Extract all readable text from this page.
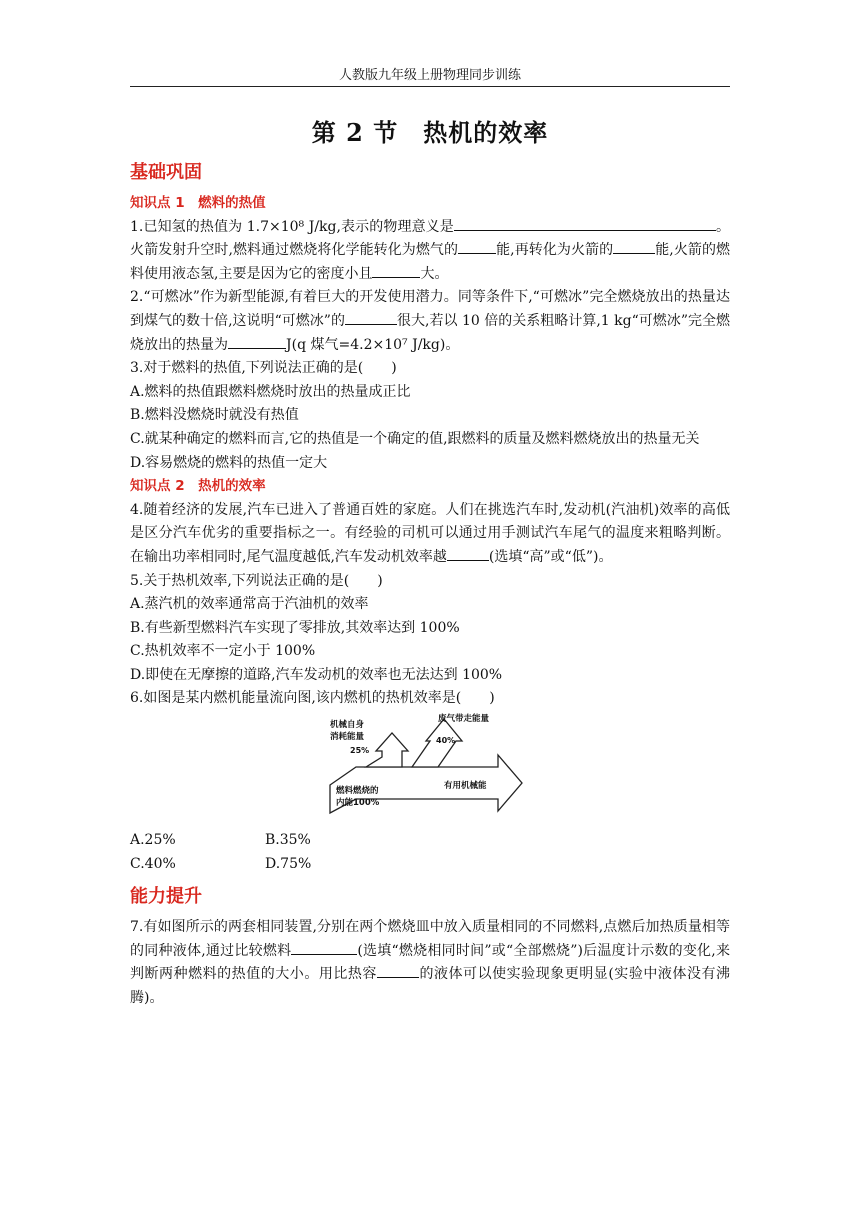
人教版九年级上册物理同步训练
第 2 节　热机的效率
基础巩固
知识点 1　燃料的热值

1.已知氢的热值为 1.7×10⁸ J/kg,表示的物理意义是	。火箭发射升空时,燃料通过燃烧将化学能转化为燃气的	能,再转化为火箭的	能,火箭的燃料使用液态氢,主要是因为它的密度小且	大。

2.“可燃冰”作为新型能源,有着巨大的开发使用潜力。同等条件下,“可燃冰”完全燃烧放出的热量达到煤气的数十倍,这说明“可燃冰”的	很大,若以 10 倍的关系粗略计算,1 kg“可燃冰”完全燃烧放出的热量为	J(q 煤气=4.2×10⁷ J/kg)。

3.对于燃料的热值,下列说法正确的是(　　)

A.燃料的热值跟燃料燃烧时放出的热量成正比

B.燃料没燃烧时就没有热值

C.就某种确定的燃料而言,它的热值是一个确定的值,跟燃料的质量及燃料燃烧放出的热量无关

D.容易燃烧的燃料的热值一定大

知识点 2　热机的效率

4.随着经济的发展,汽车已进入了普通百姓的家庭。人们在挑选汽车时,发动机(汽油机)效率的高低是区分汽车优劣的重要指标之一。有经验的司机可以通过用手测试汽车尾气的温度来粗略判断。在输出功率相同时,尾气温度越低,汽车发动机效率越	(选填“高”或“低”)。

5.关于热机效率,下列说法正确的是(　　)

A.蒸汽机的效率通常高于汽油机的效率

B.有些新型燃料汽车实现了零排放,其效率达到 100%

C.热机效率不一定小于 100%

D.即使在无摩擦的道路,汽车发动机的效率也无法达到 100%

6.如图是某内燃机能量流向图,该内燃机的热机效率是(　　)

燃料燃烧的
内能100%
机械自身
消耗能量
25%
废气带走能量
40%
有用机械能
A.25%	B.35%
C.40%	D.75%
能力提升

7.有如图所示的两套相同装置,分别在两个燃烧皿中放入质量相同的不同燃料,点燃后加热质量相等的同种液体,通过比较燃料	(选填“燃烧相同时间”或“全部燃烧”)后温度计示数的变化,来判断两种燃料的热值的大小。用比热容	的液体可以使实验现象更明显(实验中液体没有沸腾)。
